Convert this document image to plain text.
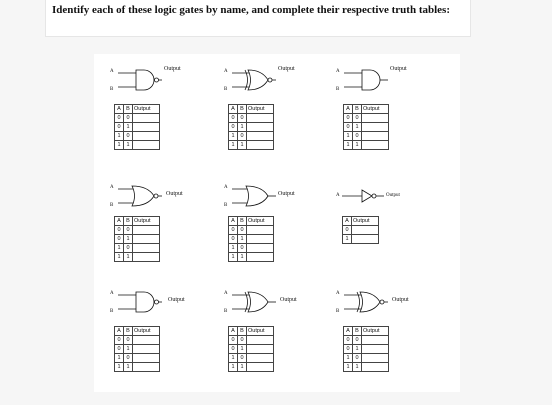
Identify each of these logic gates by name, and complete their respective truth tables:
A
B
Output
A	B	Output
0	0	
0	1	
1	0	
1	1	
A
B
Output
A	B	Output
0	0	
0	1	
1	0	
1	1	
A
B
Output
A	B	Output
0	0	
0	1	
1	0	
1	1	
A
B
Output
A	B	Output
0	0	
0	1	
1	0	
1	1	
A
B
Output
A	B	Output
0	0	
0	1	
1	0	
1	1	
A	Output
A	Output
0	
1	
A
B
Output
A	B	Output
0	0	
0	1	
1	0	
1	1	
A
B
Output
A	B	Output
0	0	
0	1	
1	0	
1	1	
A
B
Output
A	B	Output
0	0	
0	1	
1	0	
1	1	
